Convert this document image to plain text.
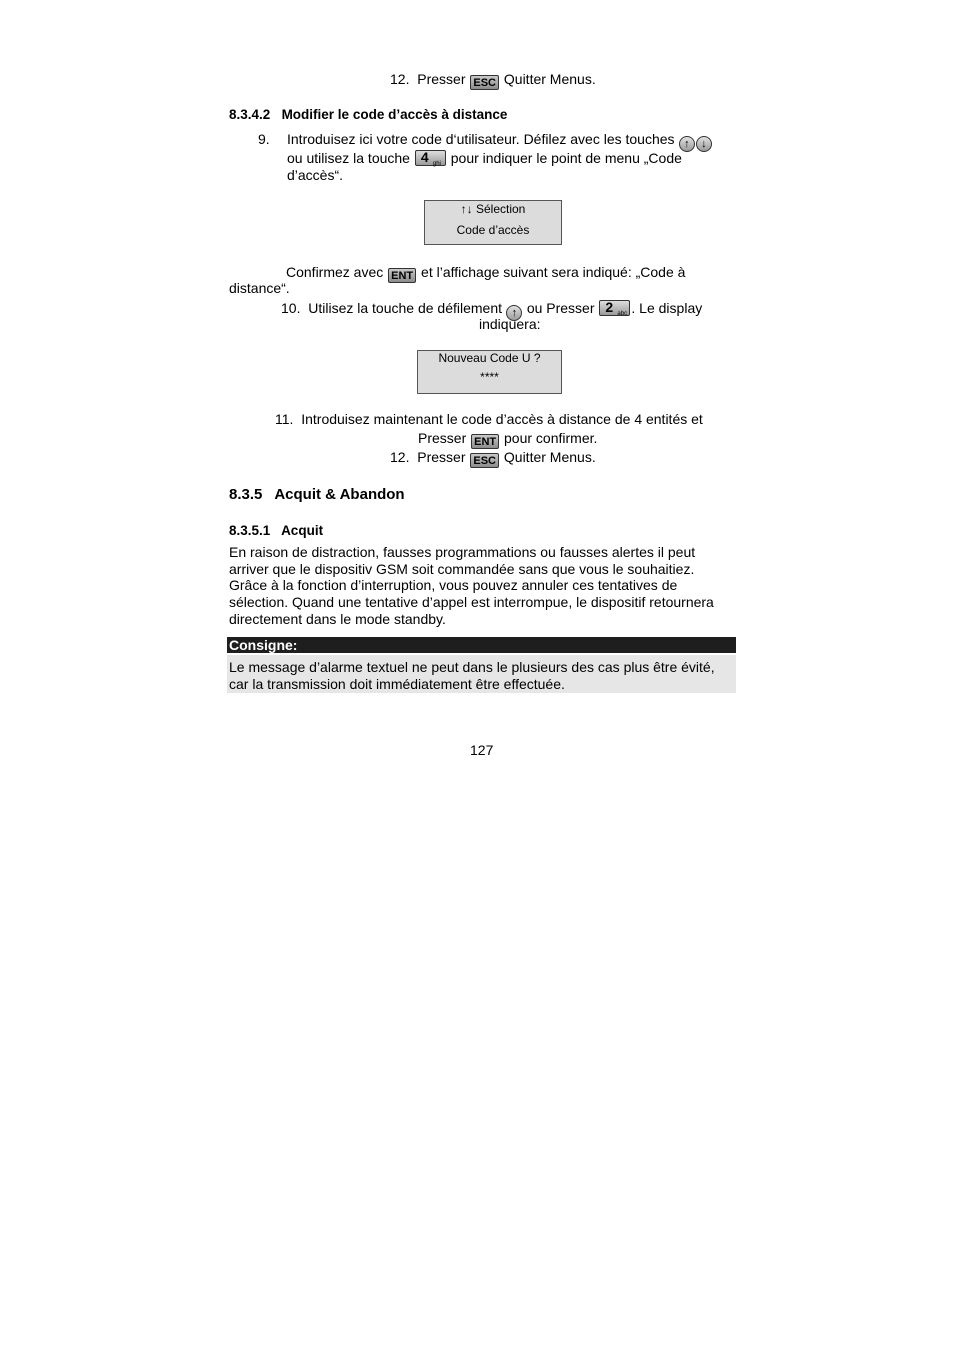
12. Presser ESC Quitter Menus.
8.3.4.2 Modifier le code d’accès à distance
9. Introduisez ici votre code d‘utilisateur. Défilez avec les touches ↑ ↓
ou utilisez la touche 4 ghi pour indiquer le point de menu „Code
d’accès“.
↑↓ Sélection
Code d’accès
Confirmez avec ENT et l’affichage suivant sera indiqué: „Code à
distance“.
10. Utilisez la touche de défilement ↑ ou Presser 2 abc . Le display
indiquera:
Nouveau Code U ?
****
11. Introduisez maintenant le code d’accès à distance de 4 entités et
Presser ENT pour confirmer.
12. Presser ESC Quitter Menus.
8.3.5 Acquit & Abandon
8.3.5.1 Acquit
En raison de distraction, fausses programmations ou fausses alertes il peut
arriver que le dispositiv GSM soit commandée sans que vous le souhaitiez.
Grâce à la fonction d’interruption, vous pouvez annuler ces tentatives de
sélection. Quand une tentative d’appel est interrompue, le dispositif retournera
directement dans le mode standby.
Consigne:
Le message d’alarme textuel ne peut dans le plusieurs des cas plus être évité,
car la transmission doit immédiatement être effectuée.
127
